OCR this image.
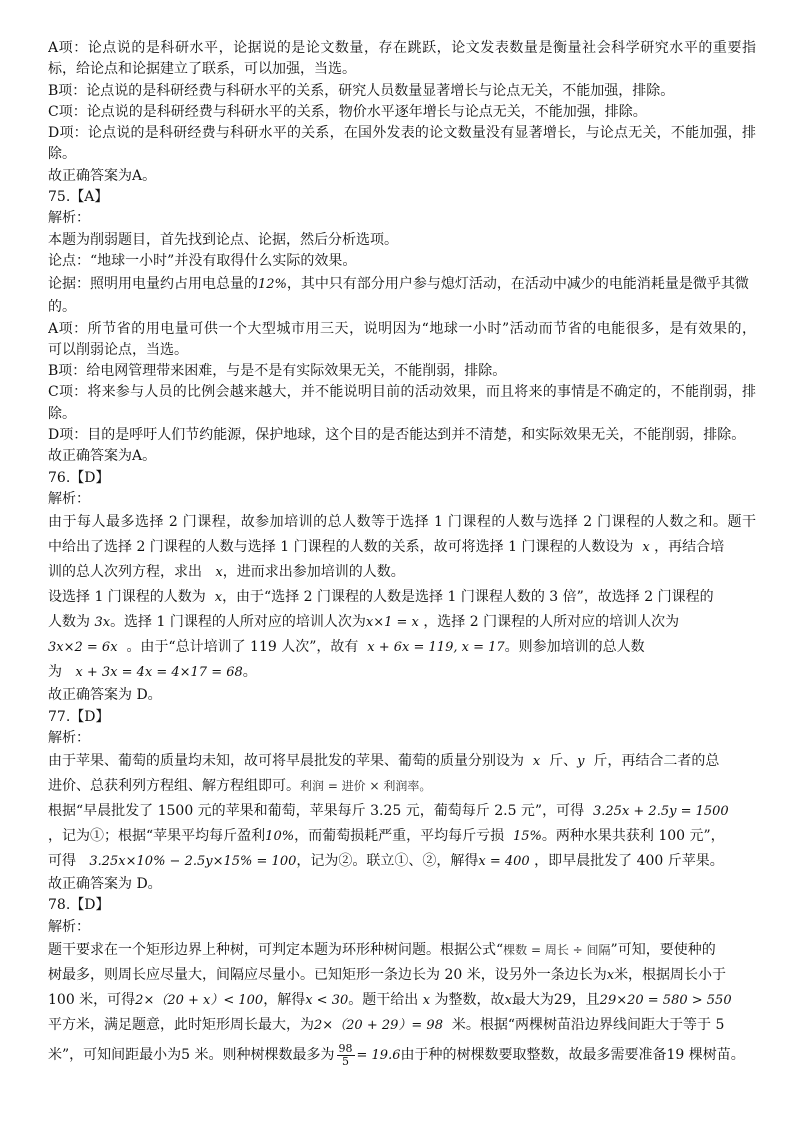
A项：论点说的是科研水平，论据说的是论文数量，存在跳跃，论文发表数量是衡量社会科学研究水平的重要指
标，给论点和论据建立了联系，可以加强，当选。
B项：论点说的是科研经费与科研水平的关系，研究人员数量显著增长与论点无关，不能加强，排除。
C项：论点说的是科研经费与科研水平的关系，物价水平逐年增长与论点无关，不能加强，排除。
D项：论点说的是科研经费与科研水平的关系，在国外发表的论文数量没有显著增长，与论点无关，不能加强，排
除。
故正确答案为A。
75.【A】
解析：
本题为削弱题目，首先找到论点、论据，然后分析选项。
论点：“地球一小时”并没有取得什么实际的效果。
论据：照明用电量约占用电总量的12%，其中只有部分用户参与熄灯活动，在活动中减少的电能消耗量是微乎其微
的。
A项：所节省的用电量可供一个大型城市用三天，说明因为“地球一小时”活动而节省的电能很多，是有效果的，
可以削弱论点，当选。
B项：给电网管理带来困难，与是不是有实际效果无关，不能削弱，排除。
C项：将来参与人员的比例会越来越大，并不能说明目前的活动效果，而且将来的事情是不确定的，不能削弱，排
除。
D项：目的是呼吁人们节约能源，保护地球，这个目的是否能达到并不清楚，和实际效果无关，不能削弱，排除。
故正确答案为A。
76.【D】
解析：
由于每人最多选择 2 门课程，故参加培训的总人数等于选择 1 门课程的人数与选择 2 门课程的人数之和。题干
中给出了选择 2 门课程的人数与选择 1 门课程的人数的关系，故可将选择 1 门课程的人数设为 x ，再结合培
训的总人次列方程，求出 x，进而求出参加培训的人数。
设选择 1 门课程的人数为 x，由于“选择 2 门课程的人数是选择 1 门课程人数的 3 倍”，故选择 2 门课程的
人数为 3x。选择 1 门课程的人所对应的培训人次为x×1 = x ，选择 2 门课程的人所对应的培训人次为
3x×2 = 6x 。由于“总计培训了 119 人次”，故有 x + 6x = 119, x = 17。则参加培训的总人数
为 x + 3x = 4x = 4×17 = 68。
故正确答案为 D。
77.【D】
解析：
由于苹果、葡萄的质量均未知，故可将早晨批发的苹果、葡萄的质量分别设为 x 斤、y 斤，再结合二者的总
进价、总获利列方程组、解方程组即可。利润 = 进价 × 利润率。
根据“早晨批发了 1500 元的苹果和葡萄，苹果每斤 3.25 元，葡萄每斤 2.5 元”，可得 3.25x + 2.5y = 1500
，记为①；根据“苹果平均每斤盈利10%，而葡萄损耗严重，平均每斤亏损 15%。两种水果共获利 100 元”，
可得 3.25x×10% − 2.5y×15% = 100，记为②。联立①、②，解得x = 400 ，即早晨批发了 400 斤苹果。
故正确答案为 D。
78.【D】
解析：
题干要求在一个矩形边界上种树，可判定本题为环形种树问题。根据公式“棵数 = 周长 ÷ 间隔”可知，要使种的
树最多，则周长应尽量大，间隔应尽量小。已知矩形一条边长为 20 米，设另外一条边长为x米，根据周长小于
100 米，可得2×（20 + x）< 100，解得x < 30。题干给出 x 为整数，故x最大为29，且29×20 = 580 > 550
平方米，满足题意，此时矩形周长最大，为2×（20 + 29）= 98 米。根据“两棵树苗沿边界线间距大于等于 5
米”，可知间距最小为5 米。则种树棵数最多为 $\frac{98}{5} = 19.6$由于种的树棵数要取整数，故最多需要准备19 棵树苗。
